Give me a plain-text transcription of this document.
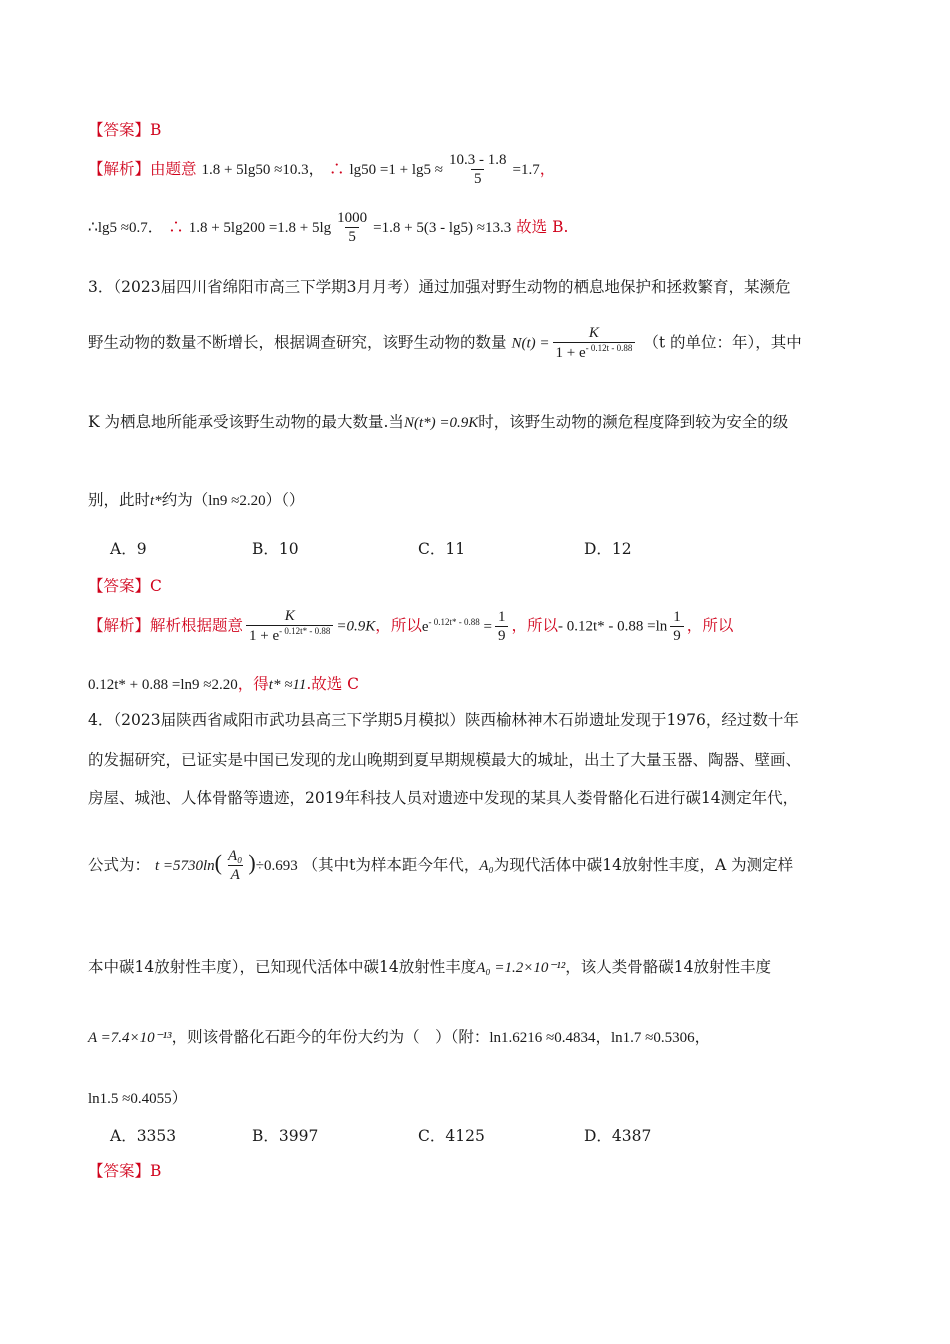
【答案】B
【解析】由题意 1.8 + 5lg50 ≈10.3， ∴ $\lg 50 =1 + \lg 5 \approx \frac{10.3 - 1.8}{5} =1.7$，
∴lg5 ≈0.7． ∴ $1.8 + 5\lg 200 =1.8 + 5\lg \frac{1000}{5} =1.8 + 5(3 - \lg 5) \approx 13.3$ 故选 B.
3．（2023届四川省绵阳市高三下学期3月月考）通过加强对野生动物的栖息地保护和拯救繁育，某濒危
野生动物的数量不断增长，根据调查研究，该野生动物的数量 $N(t) = \frac{K}{1 + e^{- 0.12t - 0.88}} (t$ 的单位：年），其中
K 为栖息地所能承受该野生动物的最大数量.当N(t*) =0.9K时，该野生动物的濒危程度降到较为安全的级
别，此时t*约为（ln9 ≈2.20）（）
A．9	B．10	C．11	D．12
【答案】C
【解析】解析根据题意 $\frac{K}{1 + e^{- 0.12t* - 0.88}} =0.9K$，所以$e^{- 0.12t* - 0.88} = \frac{1}{9}$ ，所以- $0.12t* - 0.88 =\ln \frac{1}{9}$ ，所以
0.12t* + 0.88 =ln9 ≈2.20，得t* ≈11.故选 C
4．（2023届陕西省咸阳市武功县高三下学期5月模拟）陕西榆林神木石峁遗址发现于1976，经过数十年
的发掘研究，已证实是中国已发现的龙山晚期到夏早期规模最大的城址，出土了大量玉器、陶器、壁画、
房屋、城池、人体骨骼等遗迹，2019年科技人员对遗迹中发现的某具人娄骨骼化石进行碳14测定年代，
公式为： $t =5730\ln( \frac{\text{A₀}}{A} )\div 0.693$ （其中t为样本距今年代，A₀为现代活体中碳14放射性丰度，A 为测定样
本中碳14放射性丰度），已知现代活体中碳14放射性丰度A₀ =1.2×10⁻¹²，该人类骨骼碳14放射性丰度
A =7.4×10⁻¹³，则该骨骼化石距今的年份大约为（　）（附：ln1.6216 ≈0.4834，ln1.7 ≈0.5306，
ln1.5 ≈0.4055）
A．3353	B．3997	C．4125	D．4387
【答案】B
